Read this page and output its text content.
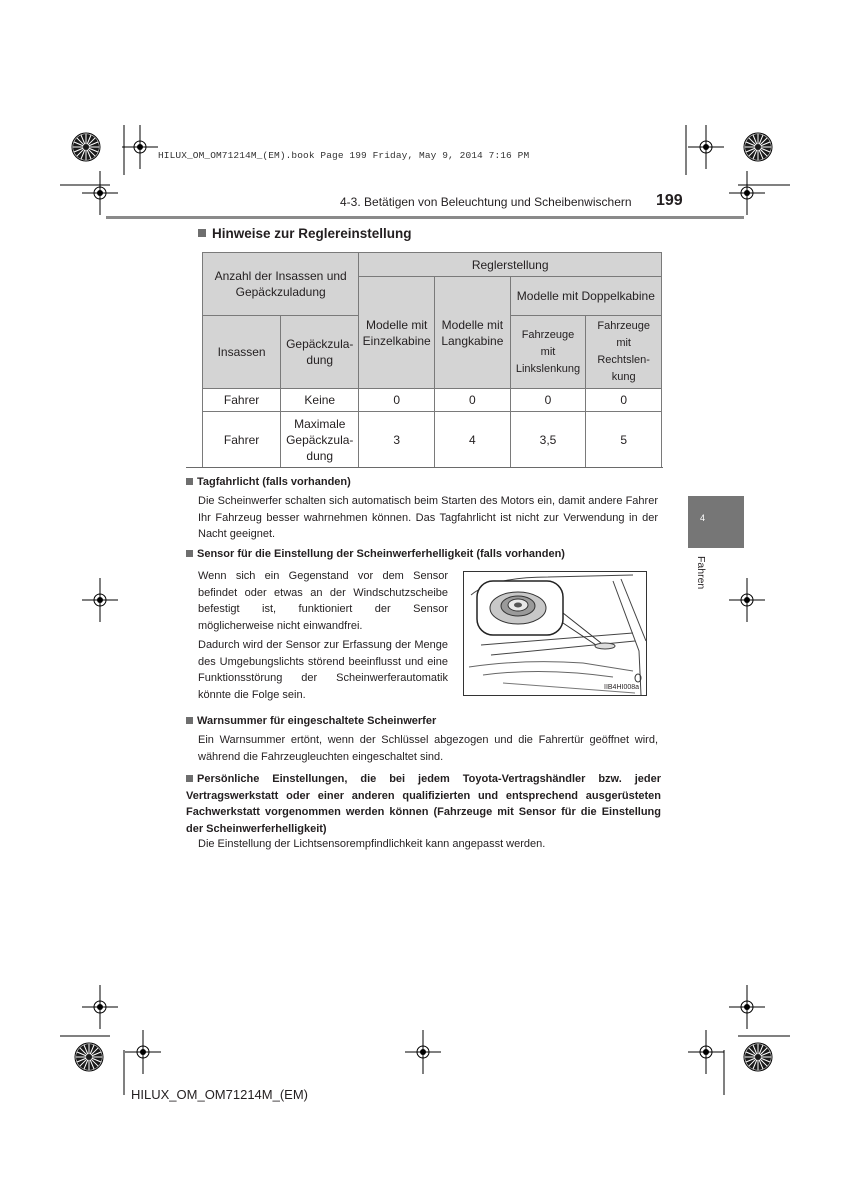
HILUX_OM_OM71214M_(EM).book Page 199 Friday, May 9, 2014 7:16 PM
4-3. Betätigen von Beleuchtung und Scheibenwischern 199
Hinweise zur Reglereinstellung
Anzahl der Insassen und Gepäckzuladung		Reglerstellung			
		Modelle mit Einzelkabine	Modelle mit Langkabine	Modelle mit Doppelkabine	
Insassen	Gepäckzula-dung			Fahrzeuge mit Linkslenkung	Fahrzeuge mit Rechtslen-kung
Fahrer	Keine	0	0	0	0
Fahrer	Maximale Gepäckzula-dung	3	4	3,5	5
Tagfahrlicht (falls vorhanden)
Die Scheinwerfer schalten sich automatisch beim Starten des Motors ein, damit andere Fahrer Ihr Fahrzeug besser wahrnehmen können. Das Tagfahrlicht ist nicht zur Verwendung in der Nacht geeignet.
Sensor für die Einstellung der Scheinwerferhelligkeit (falls vorhanden)
Wenn sich ein Gegenstand vor dem Sensor befindet oder etwas an der Windschutzscheibe befestigt ist, funktioniert der Sensor möglicherweise nicht einwandfrei.
Dadurch wird der Sensor zur Erfassung der Menge des Umgebungslichts störend beeinflusst und eine Funktionsstörung der Scheinwerferautomatik könnte die Folge sein.
IIB4HI008a
Warnsummer für eingeschaltete Scheinwerfer
Ein Warnsummer ertönt, wenn der Schlüssel abgezogen und die Fahrertür geöffnet wird, während die Fahrzeugleuchten eingeschaltet sind.
Persönliche Einstellungen, die bei jedem Toyota-Vertragshändler bzw. jeder Vertragswerkstatt oder einer anderen qualifizierten und entsprechend ausgerüsteten Fachwerkstatt vorgenommen werden können (Fahrzeuge mit Sensor für die Einstellung der Scheinwerferhelligkeit)
Die Einstellung der Lichtsensorempfindlichkeit kann angepasst werden.
4
Fahren
HILUX_OM_OM71214M_(EM)
